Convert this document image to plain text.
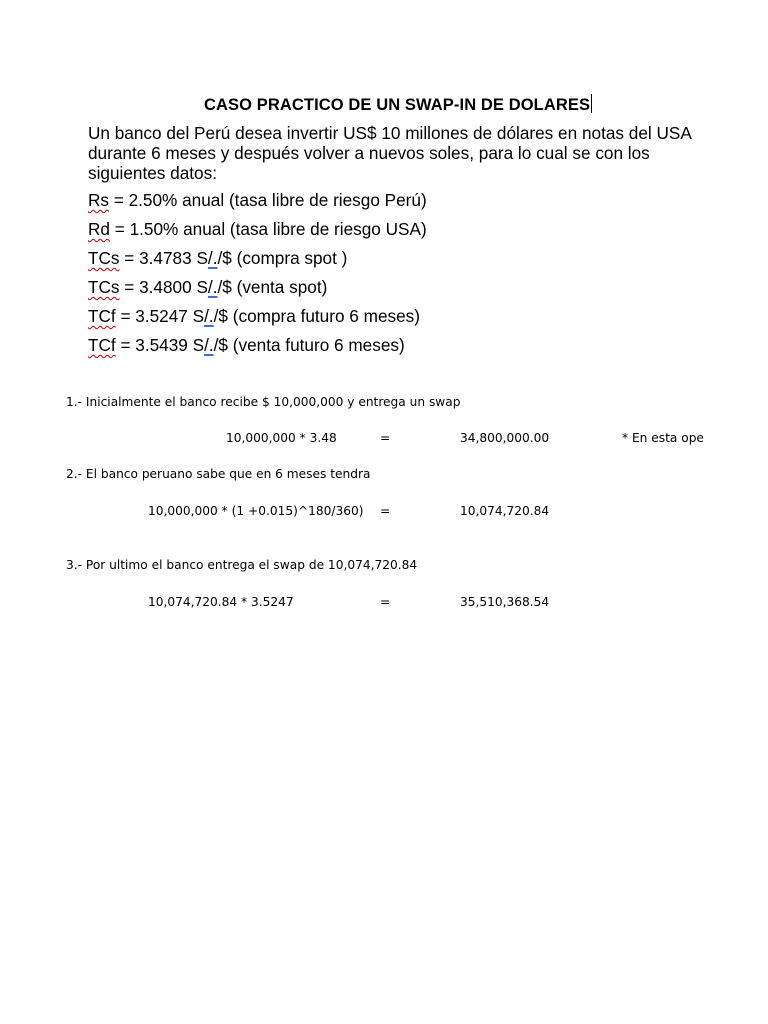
CASO PRACTICO DE UN SWAP-IN DE DOLARES
Un banco del Perú desea invertir US$ 10 millones de dólares en notas del USA durante 6 meses y después volver a nuevos soles, para lo cual se con los siguientes datos:
Rs = 2.50% anual (tasa libre de riesgo Perú)
Rd = 1.50% anual (tasa libre de riesgo USA)
TCs = 3.4783 S/./$ (compra spot )
TCs = 3.4800 S/./$ (venta spot)
TCf = 3.5247 S/./$ (compra futuro 6 meses)
TCf = 3.5439 S/./$ (venta futuro 6 meses)
1.- Inicialmente el banco recibe $ 10,000,000 y entrega un swap
10,000,000 * 3.48	=	34,800,000.00	* En esta ope
2.- El banco peruano sabe que en 6 meses tendra
10,000,000 * (1 +0.015)^180/360) =	10,074,720.84
3.- Por ultimo el banco entrega el swap de 10,074,720.84
10,074,720.84 * 3.5247	=	35,510,368.54
